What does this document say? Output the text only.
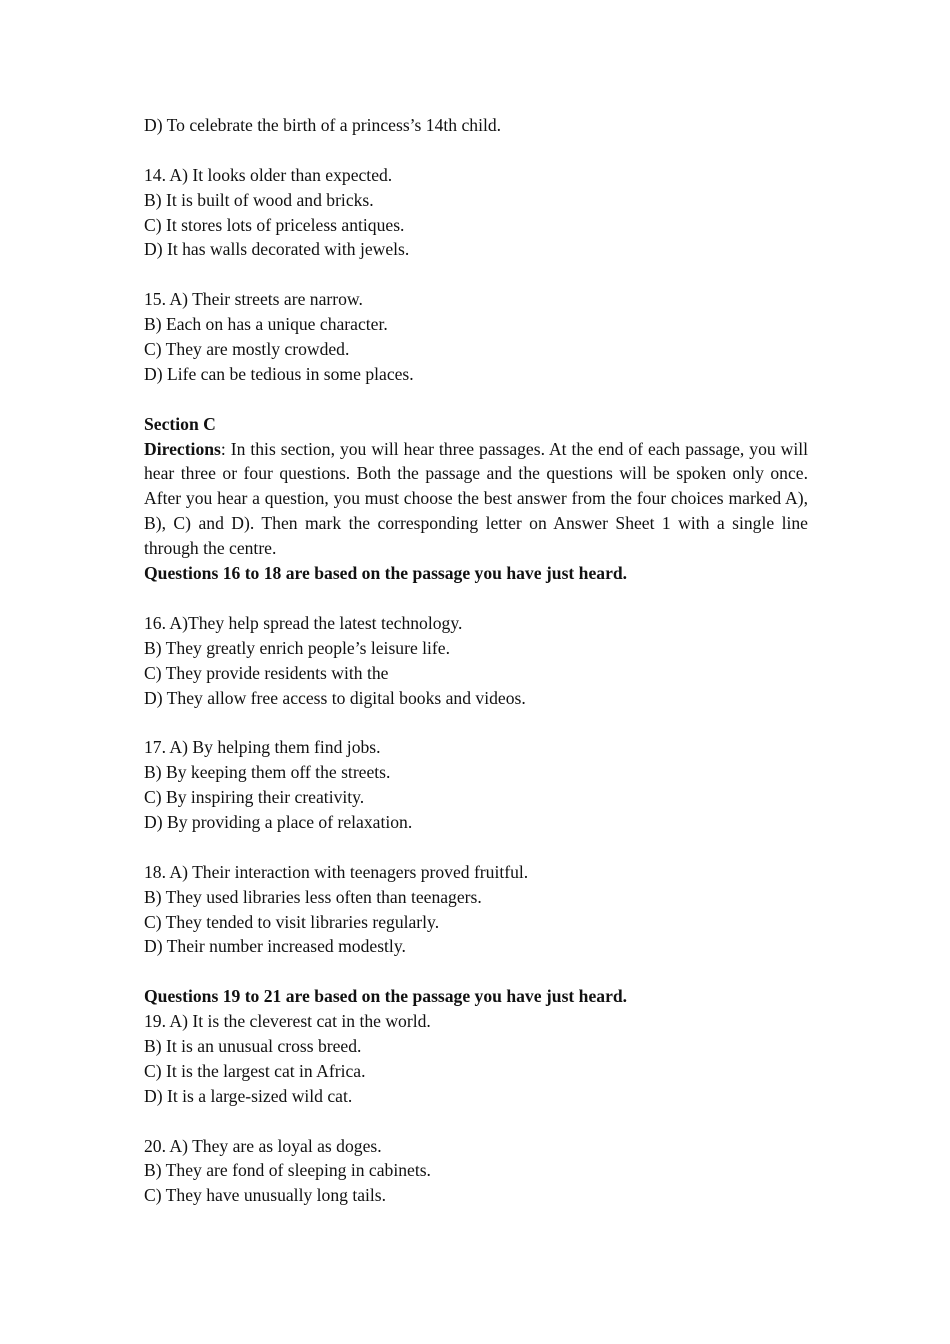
D) To celebrate the birth of a princess’s 14th child.
14. A) It looks older than expected.
B) It is built of wood and bricks.
C) It stores lots of priceless antiques.
D) It has walls decorated with jewels.
15. A) Their streets are narrow.
B) Each on has a unique character.
C) They are mostly crowded.
D) Life can be tedious in some places.
Section C
Directions: In this section, you will hear three passages. At the end of each passage, you will hear three or four questions. Both the passage and the questions will be spoken only once. After you hear a question, you must choose the best answer from the four choices marked A), B), C) and D). Then mark the corresponding letter on Answer Sheet 1 with a single line through the centre.
Questions 16 to 18 are based on the passage you have just heard.
16. A)They help spread the latest technology.
B) They greatly enrich people’s leisure life.
C) They provide residents with the
D) They allow free access to digital books and videos.
17. A) By helping them find jobs.
B) By keeping them off the streets.
C) By inspiring their creativity.
D) By providing a place of relaxation.
18. A) Their interaction with teenagers proved fruitful.
B) They used libraries less often than teenagers.
C) They tended to visit libraries regularly.
D) Their number increased modestly.
Questions 19 to 21 are based on the passage you have just heard.
19. A) It is the cleverest cat in the world.
B) It is an unusual cross breed.
C) It is the largest cat in Africa.
D) It is a large-sized wild cat.
20. A) They are as loyal as doges.
B) They are fond of sleeping in cabinets.
C) They have unusually long tails.
